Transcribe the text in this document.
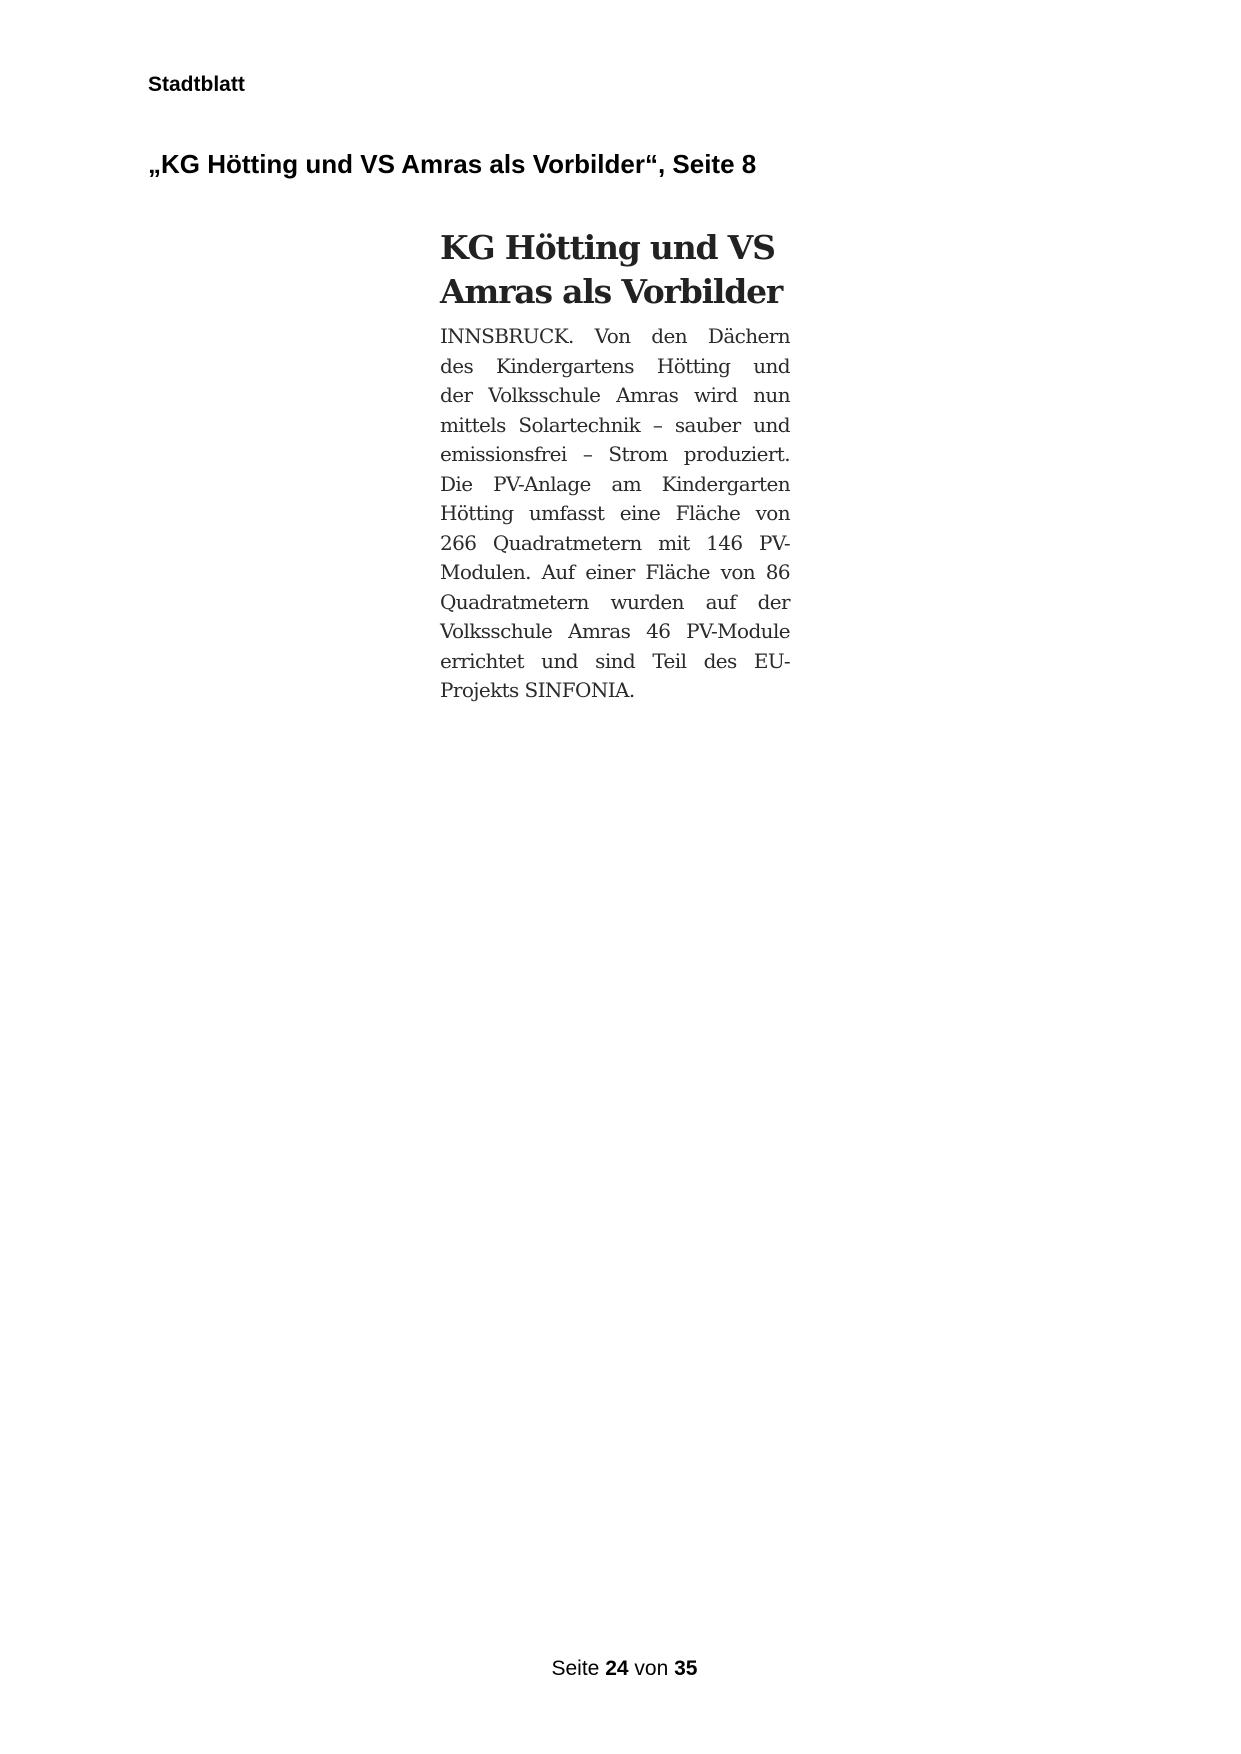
Stadtblatt
„KG Hötting und VS Amras als Vorbilder“, Seite 8
KG Hötting und VS
Amras als Vorbilder
INNSBRUCK. Von den Dächern
des Kindergartens Hötting und
der Volksschule Amras wird nun
mittels Solartechnik – sauber und
emissionsfrei – Strom produziert.
Die PV-Anlage am Kindergarten
Hötting umfasst eine Fläche von
266 Quadratmetern mit 146 PV-
Modulen. Auf einer Fläche von 86
Quadratmetern wurden auf der
Volksschule Amras 46 PV-Module
errichtet und sind Teil des EU-
Projekts SINFONIA.
Seite 24 von 35
